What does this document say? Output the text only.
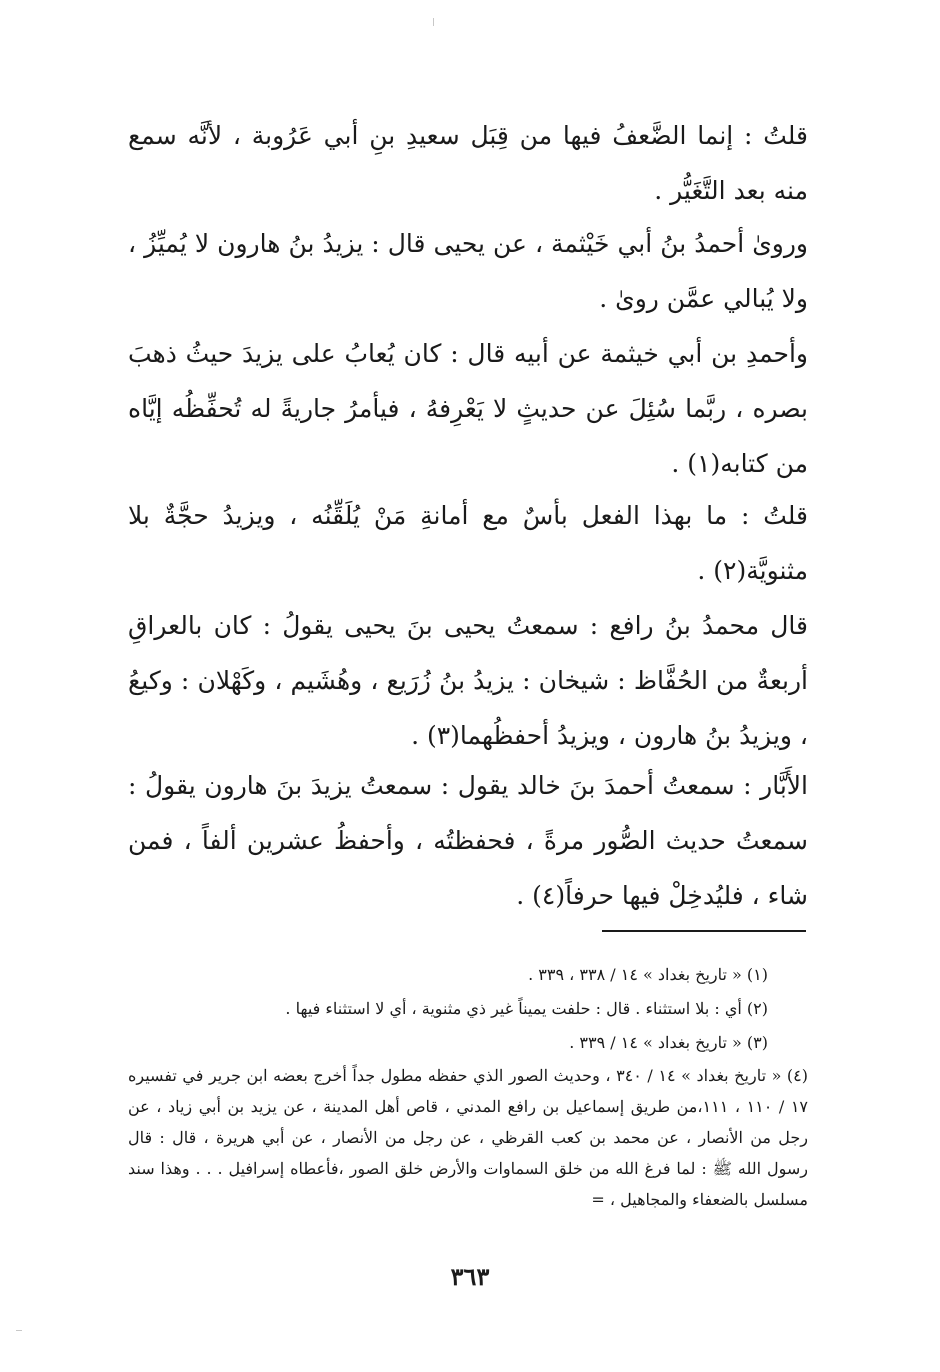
قلتُ : إنما الضَّعفُ فيها من قِبَل سعيدِ بنِ أبي عَرُوبة ، لأنَّه سمع منه بعد التَّغَيُّر .

وروىٰ أحمدُ بنُ أبي خَيْثمة ، عن يحيى قال : يزيدُ بنُ هارون لا يُميِّزُ ، ولا يُبالي عمَّن روىٰ .

وأحمدِ بن أبي خيثمة عن أبيه قال : كان يُعابُ على يزيدَ حيثُ ذهبَ بصره ، ربَّما سُئِلَ عن حديثٍ لا يَعْرِفهُ ، فيأمرُ جاريةً له تُحفِّظُه إيَّاه من كتابه(١) .

قلتُ : ما بهذا الفعل بأسٌ مع أمانةِ مَنْ يُلَقِّنُه ، ويزيدُ حجَّةٌ بلا مثنويَّة(٢) .

قال محمدُ بنُ رافع : سمعتُ يحيى بنَ يحيى يقولُ : كان بالعراقِ أربعةٌ من الحُفَّاظ : شيخان : يزيدُ بنُ زُرَيع ، وهُشَيم ، وكَهْلان : وكيعُ ، ويزيدُ بنُ هارون ، ويزيدُ أحفظُهما(٣) .

الأَبَّار : سمعتُ أحمدَ بنَ خالد يقول : سمعتُ يزيدَ بنَ هارون يقولُ : سمعتُ حديث الصُّور مرةً ، فحفظتُه ، وأحفظُ عشرين ألفاً ، فمن شاء ، فليُدخِلْ فيها حرفاً(٤) .

(١) « تاريخ بغداد » ١٤ / ٣٣٨ ، ٣٣٩ .

(٢) أي : بلا استثناء . قال : حلفت يميناً غير ذي مثنوية ، أي لا استثناء فيها .

(٣) « تاريخ بغداد » ١٤ / ٣٣٩ .

(٤) « تاريخ بغداد » ١٤ / ٣٤٠ ، وحديث الصور الذي حفظه مطول جداً أخرج بعضه ابن جرير في تفسيره ١٧ / ١١٠ ، ١١١،من طريق إسماعيل بن رافع المدني ، قاص أهل المدينة ، عن يزيد بن أبي زياد ، عن رجل من الأنصار ، عن محمد بن كعب القرظي ، عن رجل من الأنصار ، عن أبي هريرة ، قال : قال رسول الله ﷺ : لما فرغ الله من خلق السماوات والأرض خلق الصور ،فأعطاه إسرافيل . . . وهذا سند مسلسل بالضعفاء والمجاهيل ، =

٣٦٣
